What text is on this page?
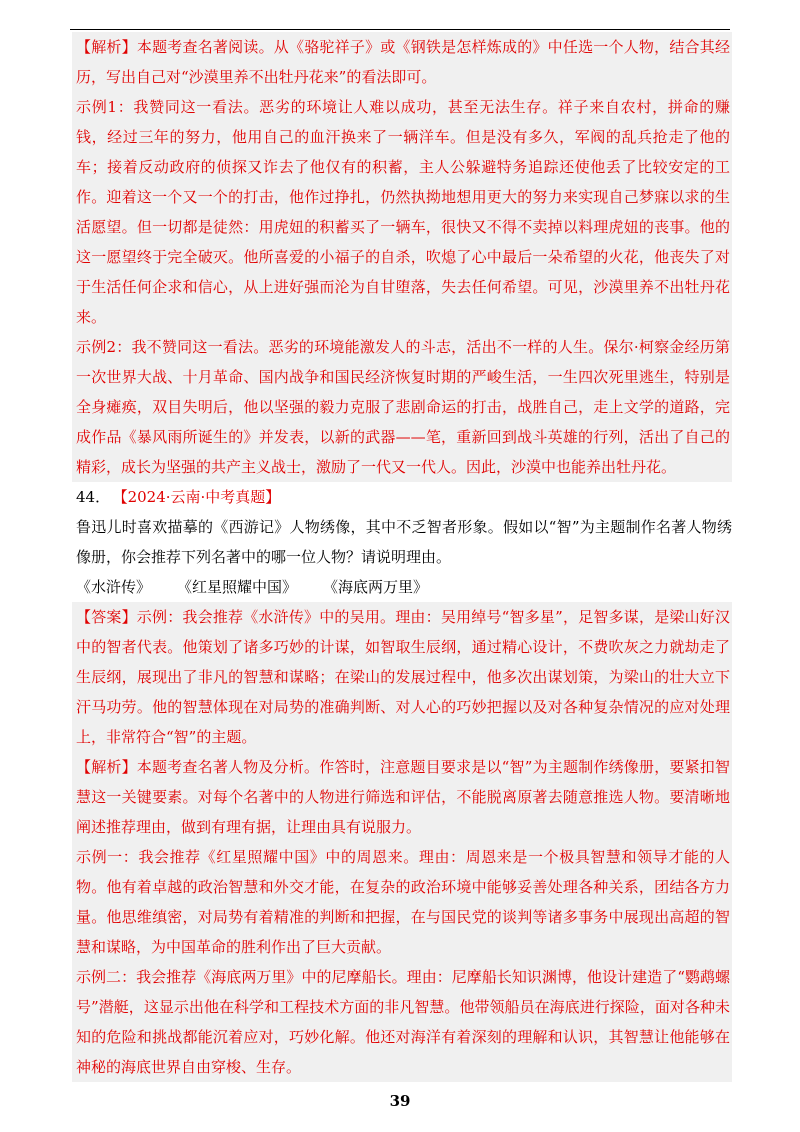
【解析】本题考查名著阅读。从《骆驼祥子》或《钢铁是怎样炼成的》中任选一个人物，结合其经历，写出自己对“沙漠里养不出牡丹花来”的看法即可。

示例1：我赞同这一看法。恶劣的环境让人难以成功，甚至无法生存。祥子来自农村，拼命的赚钱，经过三年的努力，他用自己的血汗换来了一辆洋车。但是没有多久，军阀的乱兵抢走了他的车；接着反动政府的侦探又诈去了他仅有的积蓄，主人公躲避特务追踪还使他丢了比较安定的工作。迎着这一个又一个的打击，他作过挣扎，仍然执拗地想用更大的努力来实现自己梦寐以求的生活愿望。但一切都是徒然：用虎妞的积蓄买了一辆车，很快又不得不卖掉以料理虎妞的丧事。他的这一愿望终于完全破灭。他所喜爱的小福子的自杀，吹熄了心中最后一朵希望的火花，他丧失了对于生活任何企求和信心，从上进好强而沦为自甘堕落，失去任何希望。可见，沙漠里养不出牡丹花来。

示例2：我不赞同这一看法。恶劣的环境能激发人的斗志，活出不一样的人生。保尔·柯察金经历第一次世界大战、十月革命、国内战争和国民经济恢复时期的严峻生活，一生四次死里逃生，特别是全身瘫痪，双目失明后，他以坚强的毅力克服了悲剧命运的打击，战胜自己，走上文学的道路，完成作品《暴风雨所诞生的》并发表，以新的武器——笔，重新回到战斗英雄的行列，活出了自己的精彩，成长为坚强的共产主义战士，激励了一代又一代人。因此，沙漠中也能养出牡丹花。

44． 【2024·云南·中考真题】

鲁迅儿时喜欢描摹的《西游记》人物绣像，其中不乏智者形象。假如以“智”为主题制作名著人物绣像册，你会推荐下列名著中的哪一位人物？请说明理由。

《水浒传》 《红星照耀中国》 《海底两万里》

【答案】示例：我会推荐《水浒传》中的吴用。理由：吴用绰号“智多星”，足智多谋，是梁山好汉中的智者代表。他策划了诸多巧妙的计谋，如智取生辰纲，通过精心设计，不费吹灰之力就劫走了生辰纲，展现出了非凡的智慧和谋略；在梁山的发展过程中，他多次出谋划策，为梁山的壮大立下汗马功劳。他的智慧体现在对局势的准确判断、对人心的巧妙把握以及对各种复杂情况的应对处理上，非常符合“智”的主题。

【解析】本题考查名著人物及分析。作答时，注意题目要求是以“智”为主题制作绣像册，要紧扣智慧这一关键要素。对每个名著中的人物进行筛选和评估，不能脱离原著去随意推选人物。要清晰地阐述推荐理由，做到有理有据，让理由具有说服力。

示例一：我会推荐《红星照耀中国》中的周恩来。理由：周恩来是一个极具智慧和领导才能的人物。他有着卓越的政治智慧和外交才能，在复杂的政治环境中能够妥善处理各种关系，团结各方力量。他思维缜密，对局势有着精准的判断和把握，在与国民党的谈判等诸多事务中展现出高超的智慧和谋略，为中国革命的胜利作出了巨大贡献。

示例二：我会推荐《海底两万里》中的尼摩船长。理由：尼摩船长知识渊博，他设计建造了“鹦鹉螺号”潜艇，这显示出他在科学和工程技术方面的非凡智慧。他带领船员在海底进行探险，面对各种未知的危险和挑战都能沉着应对，巧妙化解。他还对海洋有着深刻的理解和认识，其智慧让他能够在神秘的海底世界自由穿梭、生存。

39
